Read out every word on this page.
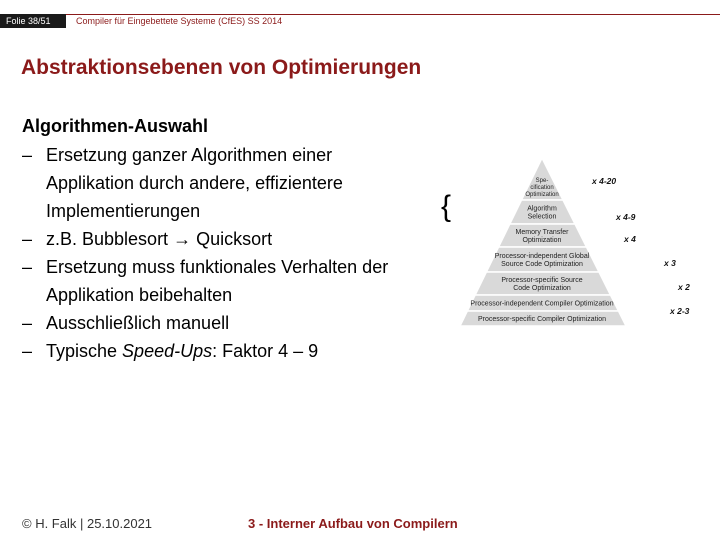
Folie 38/51	Compiler für Eingebettete Systeme (CfES) SS 2014
Abstraktionsebenen von Optimierungen
Algorithmen-Auswahl
– Ersetzung ganzer Algorithmen einer Applikation durch andere, effizientere Implementierungen
– z.B. Bubblesort → Quicksort
– Ersetzung muss funktionales Verhalten der Applikation beibehalten
– Ausschließlich manuell
– Typische Speed-Ups: Faktor 4 – 9
{
Spe-
cification
Optimization
x 4-20
Algorithm
Selection	x 4-9
Memory Transfer
Optimization	x 4
Processor-independent Global
Source Code Optimization	x 3
Processor-specific Source
Code Optimization	x 2
Processor-independent Compiler Optimization
x 2-3
Processor-specific Compiler Optimization
© H. Falk | 25.10.2021	3 - Interner Aufbau von Compilern
